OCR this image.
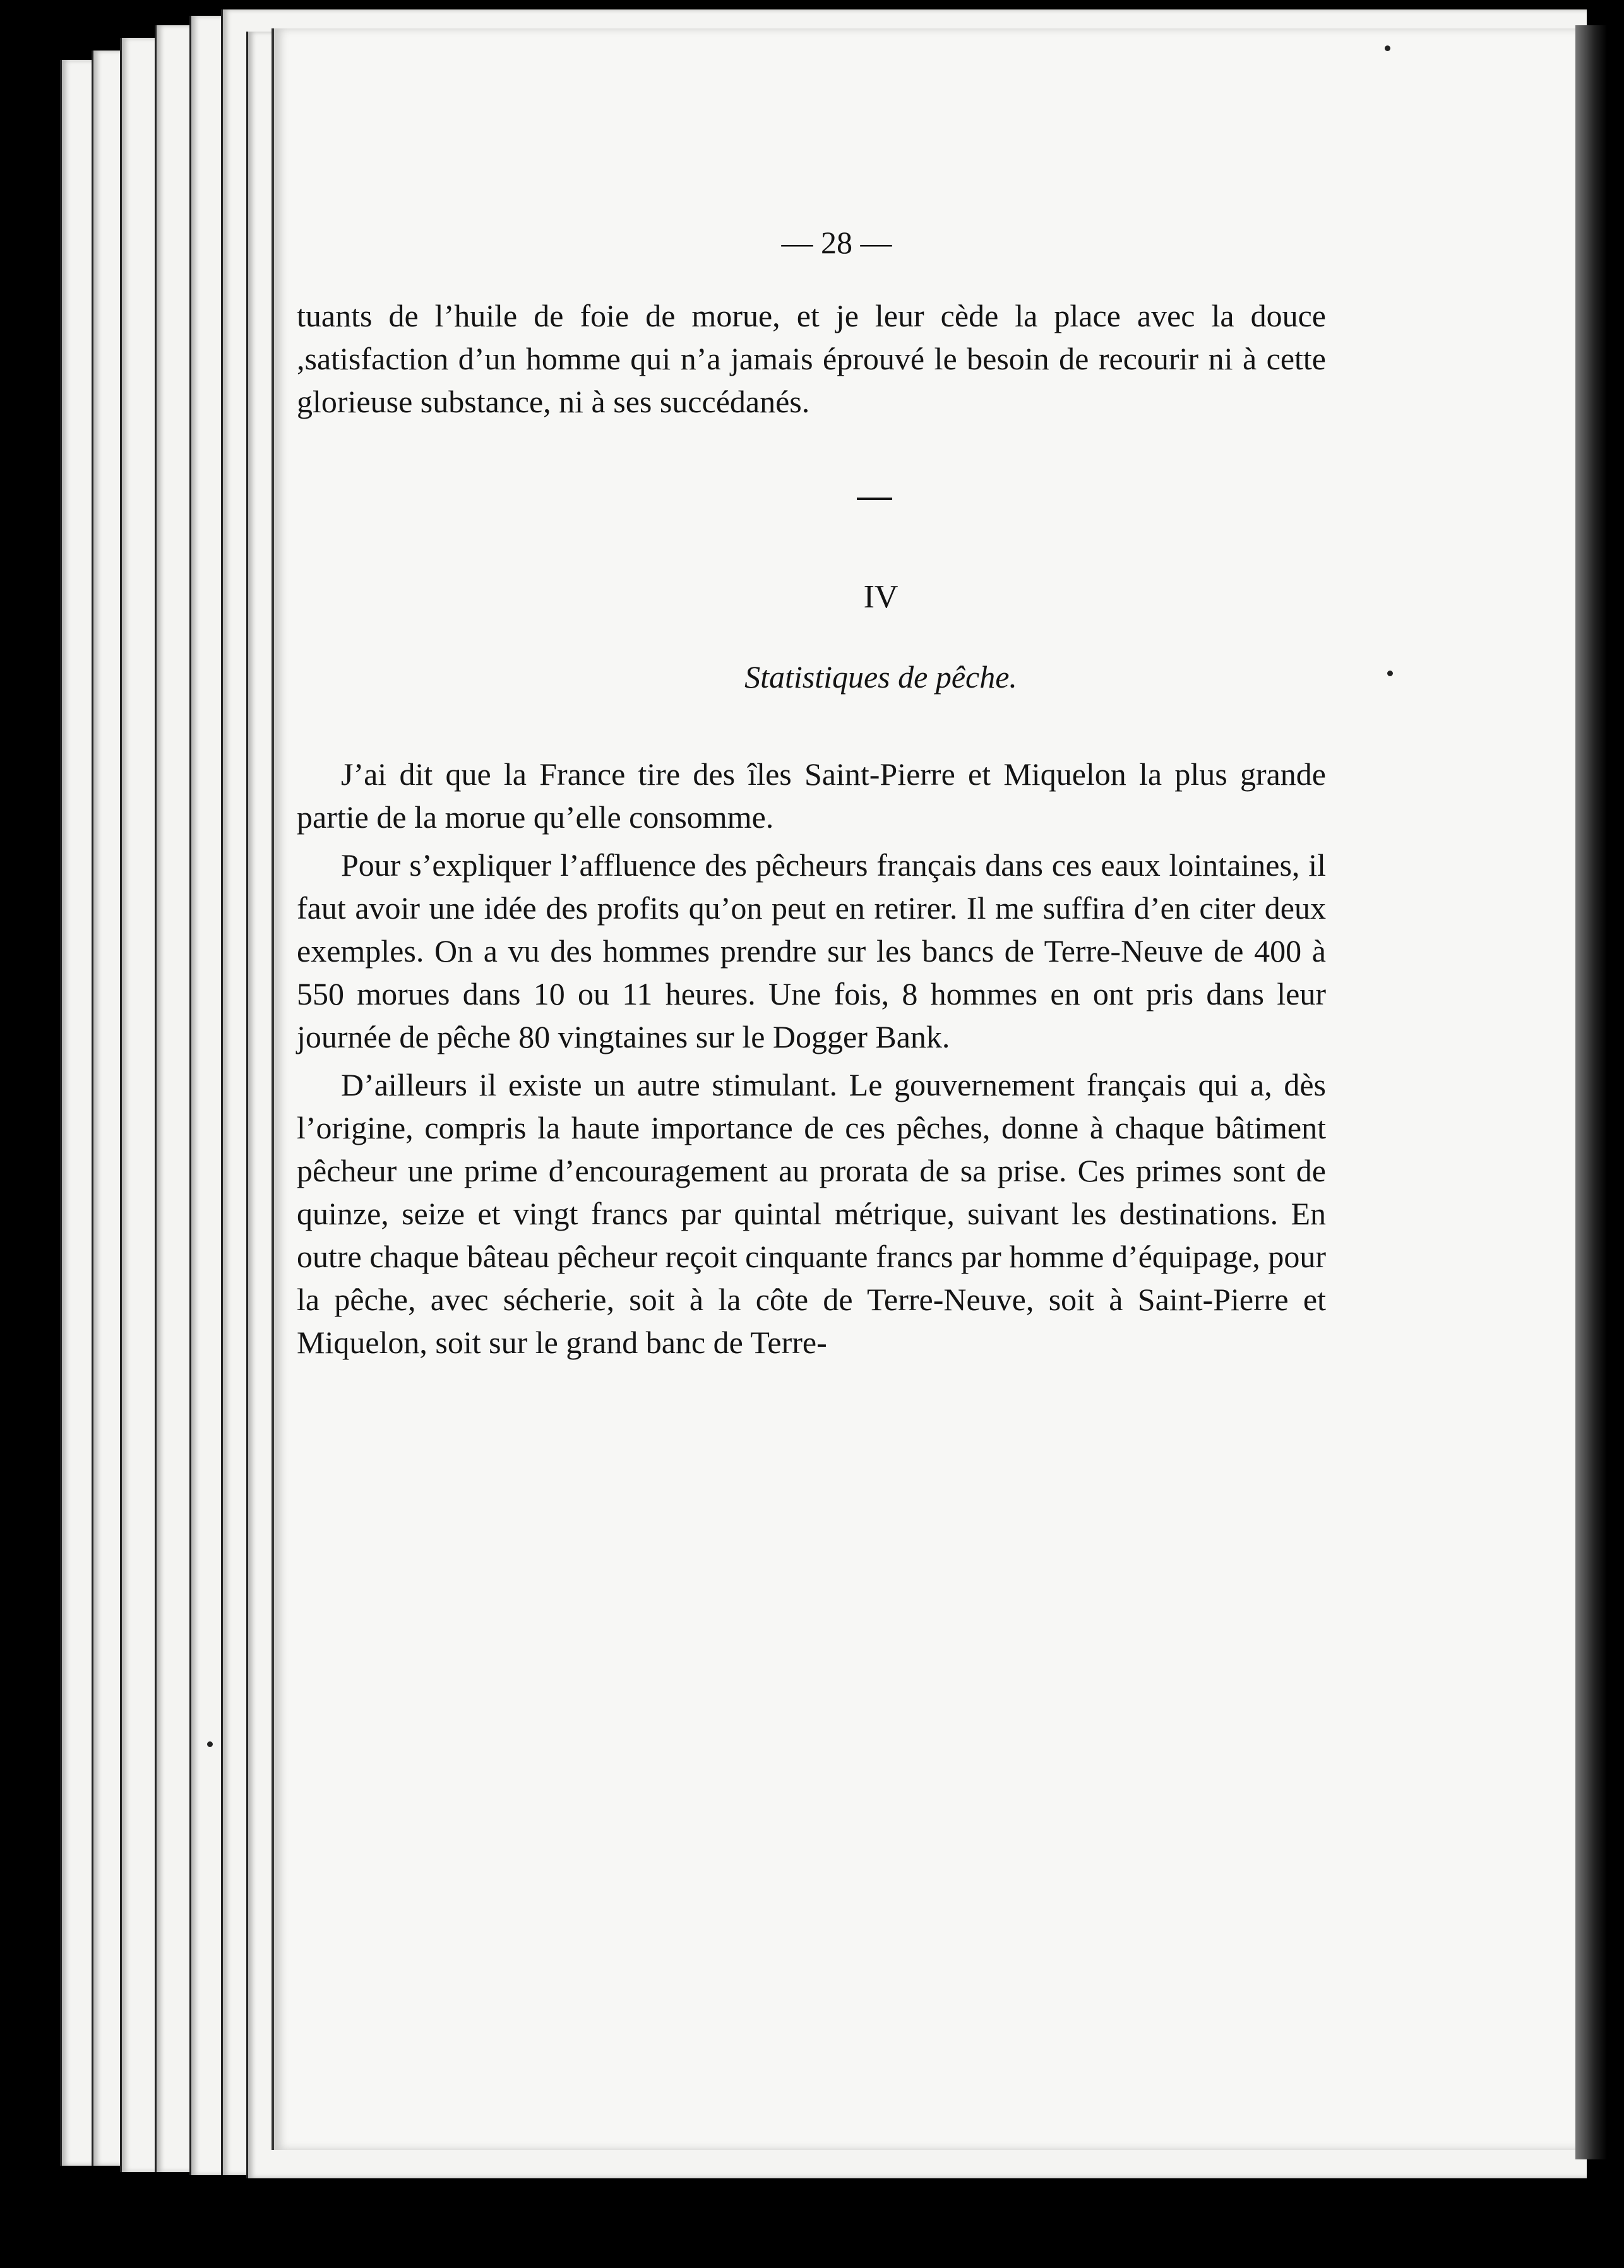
— 28 —

tuants de l’huile de foie de morue, et je leur cède la place avec la douce ,satisfaction d’un homme qui n’a jamais éprouvé le besoin de recourir ni à cette glorieuse substance, ni à ses succédanés.

IV
Statistiques de pêche.

J’ai dit que la France tire des îles Saint-Pierre et Miquelon la plus grande partie de la morue qu’elle consomme.

Pour s’expliquer l’affluence des pêcheurs français dans ces eaux lointaines, il faut avoir une idée des profits qu’on peut en retirer. Il me suffira d’en citer deux exemples. On a vu des hommes prendre sur les bancs de Terre-Neuve de 400 à 550 morues dans 10 ou 11 heures. Une fois, 8 hommes en ont pris dans leur journée de pêche 80 vingtaines sur le Dogger Bank.

D’ailleurs il existe un autre stimulant. Le gouvernement français qui a, dès l’origine, compris la haute importance de ces pêches, donne à chaque bâtiment pêcheur une prime d’encouragement au prorata de sa prise. Ces primes sont de quinze, seize et vingt francs par quintal métrique, suivant les destinations. En outre chaque bâteau pêcheur reçoit cinquante francs par homme d’équipage, pour la pêche, avec sécherie, soit à la côte de Terre-Neuve, soit à Saint-Pierre et Miquelon, soit sur le grand banc de Terre-
